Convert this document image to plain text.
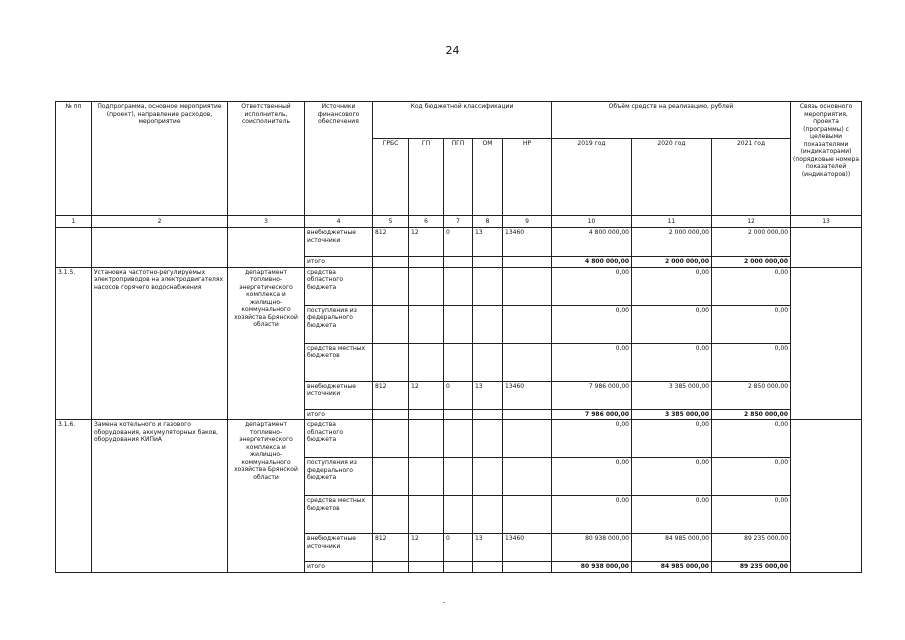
24
№ пп	Подпрограмма, основное мероприятие (проект), направление расходов, мероприятие	Ответственный исполнитель, соисполнитель	Источники финансового обеспечения	Код бюджетной классификации					Объём средств на реализацию, рублей			Связь основного мероприятия, проекта (программы) с целевыми показателями (индикаторами) (порядковые номера показателей (индикаторов))
				ГРБС	ГП	ПГП	ОМ	НР	2019 год	2020 год	2021 год	
1	2	3	4	5	6	7	8	9	10	11	12	13
			внебюджетные источники	812	12	0	13	13460	4 800 000,00	2 000 000,00	2 000 000,00	
			итого						4 800 000,00	2 000 000,00	2 000 000,00	
3.1.5.	Установка частотно-регулируемых электроприводов на электродвигателях насосов горячего водоснабжения	департамент топливно-энергетического комплекса и жилищно-коммунального хозяйства Брянской области	средства областного бюджета						0,00	0,00	0,00	
			поступления из федерального бюджета						0,00	0,00	0,00	
			средства местных бюджетов						0,00	0,00	0,00	
			внебюджетные источники	812	12	0	13	13460	7 986 000,00	3 385 000,00	2 850 000,00	
			итого						7 986 000,00	3 385 000,00	2 850 000,00	
3.1.6.	Замена котельного и газового оборудования, аккумуляторных баков, оборудования КИПиА	департамент топливно-энергетического комплекса и жилищно-коммунального хозяйства Брянской области	средства областного бюджета						0,00	0,00	0,00	
			поступления из федерального бюджета						0,00	0,00	0,00	
			средства местных бюджетов						0,00	0,00	0,00	
			внебюджетные источники	812	12	0	13	13460	80 938 000,00	84 985 000,00	89 235 000,00	
			итого						80 938 000,00	84 985 000,00	89 235 000,00	
